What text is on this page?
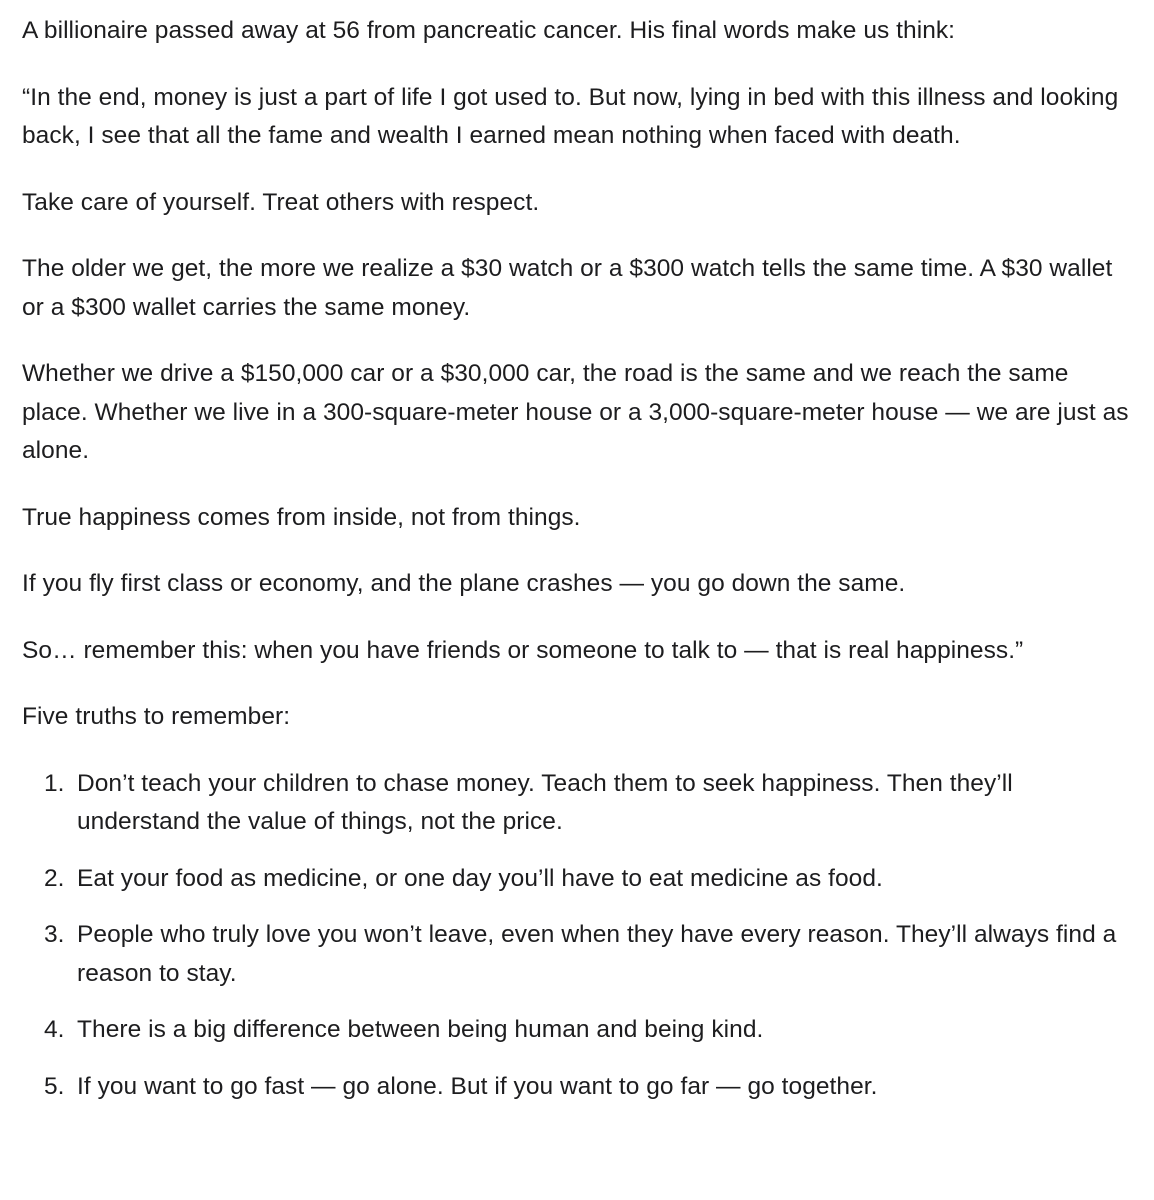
A billionaire passed away at 56 from pancreatic cancer. His final words make us think:

“In the end, money is just a part of life I got used to. But now, lying in bed with this illness and looking back, I see that all the fame and wealth I earned mean nothing when faced with death.

Take care of yourself. Treat others with respect.

The older we get, the more we realize a $30 watch or a $300 watch tells the same time. A $30 wallet or a $300 wallet carries the same money.

Whether we drive a $150,000 car or a $30,000 car, the road is the same and we reach the same place. Whether we live in a 300-square-meter house or a 3,000-square-meter house — we are just as alone.

True happiness comes from inside, not from things.

If you fly first class or economy, and the plane crashes — you go down the same.

So… remember this: when you have friends or someone to talk to — that is real happiness.”

Five truths to remember:

1. Don’t teach your children to chase money. Teach them to seek happiness. Then they’ll understand the value of things, not the price.
2. Eat your food as medicine, or one day you’ll have to eat medicine as food.
3. People who truly love you won’t leave, even when they have every reason. They’ll always find a reason to stay.
4. There is a big difference between being human and being kind.
5. If you want to go fast — go alone. But if you want to go far — go together.
